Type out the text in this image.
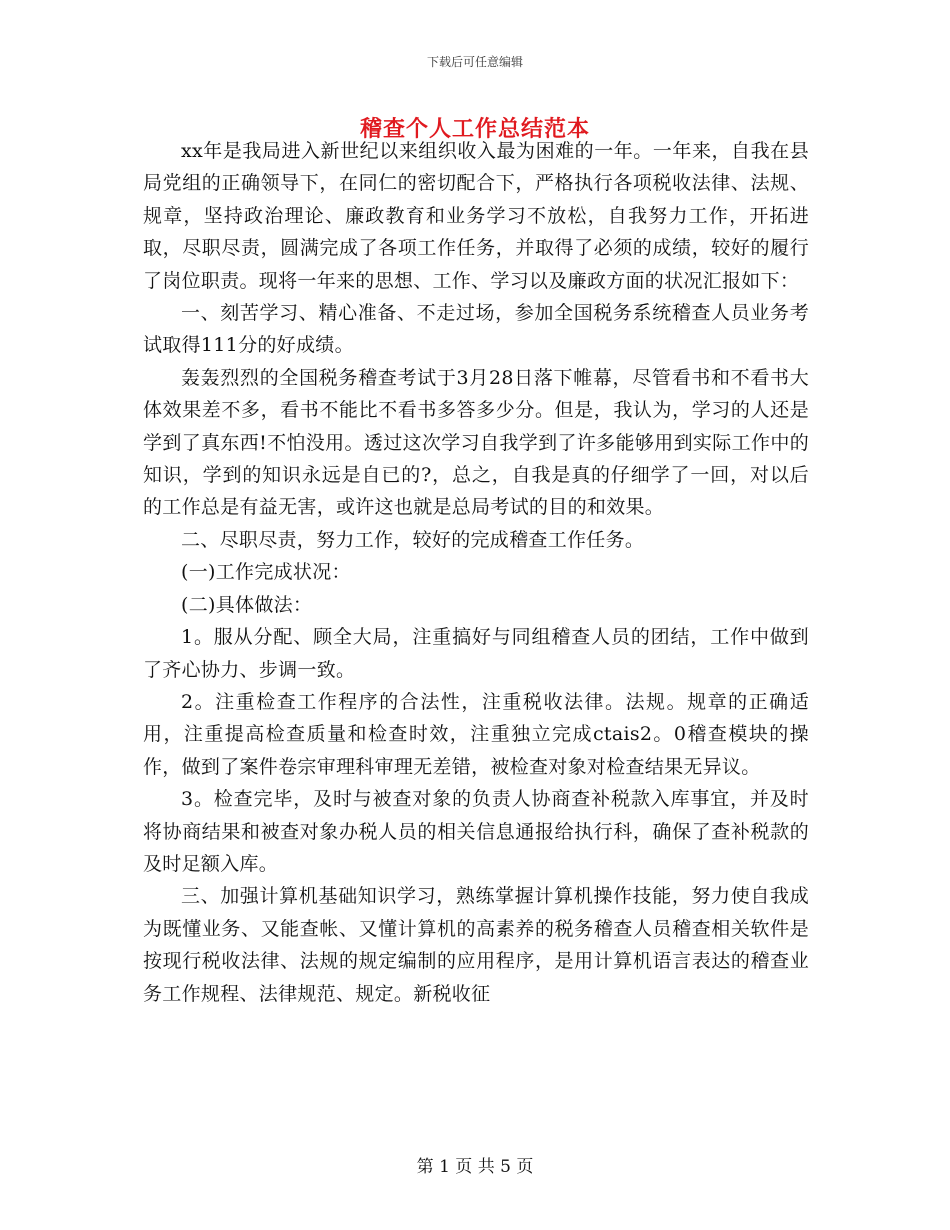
下载后可任意编辑
稽查个人工作总结范本

xx年是我局进入新世纪以来组织收入最为困难的一年。一年来，自我在县局党组的正确领导下，在同仁的密切配合下，严格执行各项税收法律、法规、规章，坚持政治理论、廉政教育和业务学习不放松，自我努力工作，开拓进取，尽职尽责，圆满完成了各项工作任务，并取得了必须的成绩，较好的履行了岗位职责。现将一年来的思想、工作、学习以及廉政方面的状况汇报如下：

一、刻苦学习、精心准备、不走过场，参加全国税务系统稽查人员业务考试取得111分的好成绩。

轰轰烈烈的全国税务稽查考试于3月28日落下帷幕，尽管看书和不看书大体效果差不多，看书不能比不看书多答多少分。但是，我认为，学习的人还是学到了真东西!不怕没用。透过这次学习自我学到了许多能够用到实际工作中的知识，学到的知识永远是自已的?，总之，自我是真的仔细学了一回，对以后的工作总是有益无害，或许这也就是总局考试的目的和效果。

二、尽职尽责，努力工作，较好的完成稽查工作任务。

(一)工作完成状况：

(二)具体做法：

1。服从分配、顾全大局，注重搞好与同组稽查人员的团结，工作中做到了齐心协力、步调一致。

2。注重检查工作程序的合法性，注重税收法律。法规。规章的正确适用，注重提高检查质量和检查时效，注重独立完成ctais2。0稽查模块的操作，做到了案件卷宗审理科审理无差错，被检查对象对检查结果无异议。

3。检查完毕，及时与被查对象的负责人协商查补税款入库事宜，并及时将协商结果和被查对象办税人员的相关信息通报给执行科，确保了查补税款的及时足额入库。

三、加强计算机基础知识学习，熟练掌握计算机操作技能，努力使自我成为既懂业务、又能查帐、又懂计算机的高素养的税务稽查人员稽查相关软件是按现行税收法律、法规的规定编制的应用程序，是用计算机语言表达的稽查业务工作规程、法律规范、规定。新税收征

第 1 页 共 5 页
